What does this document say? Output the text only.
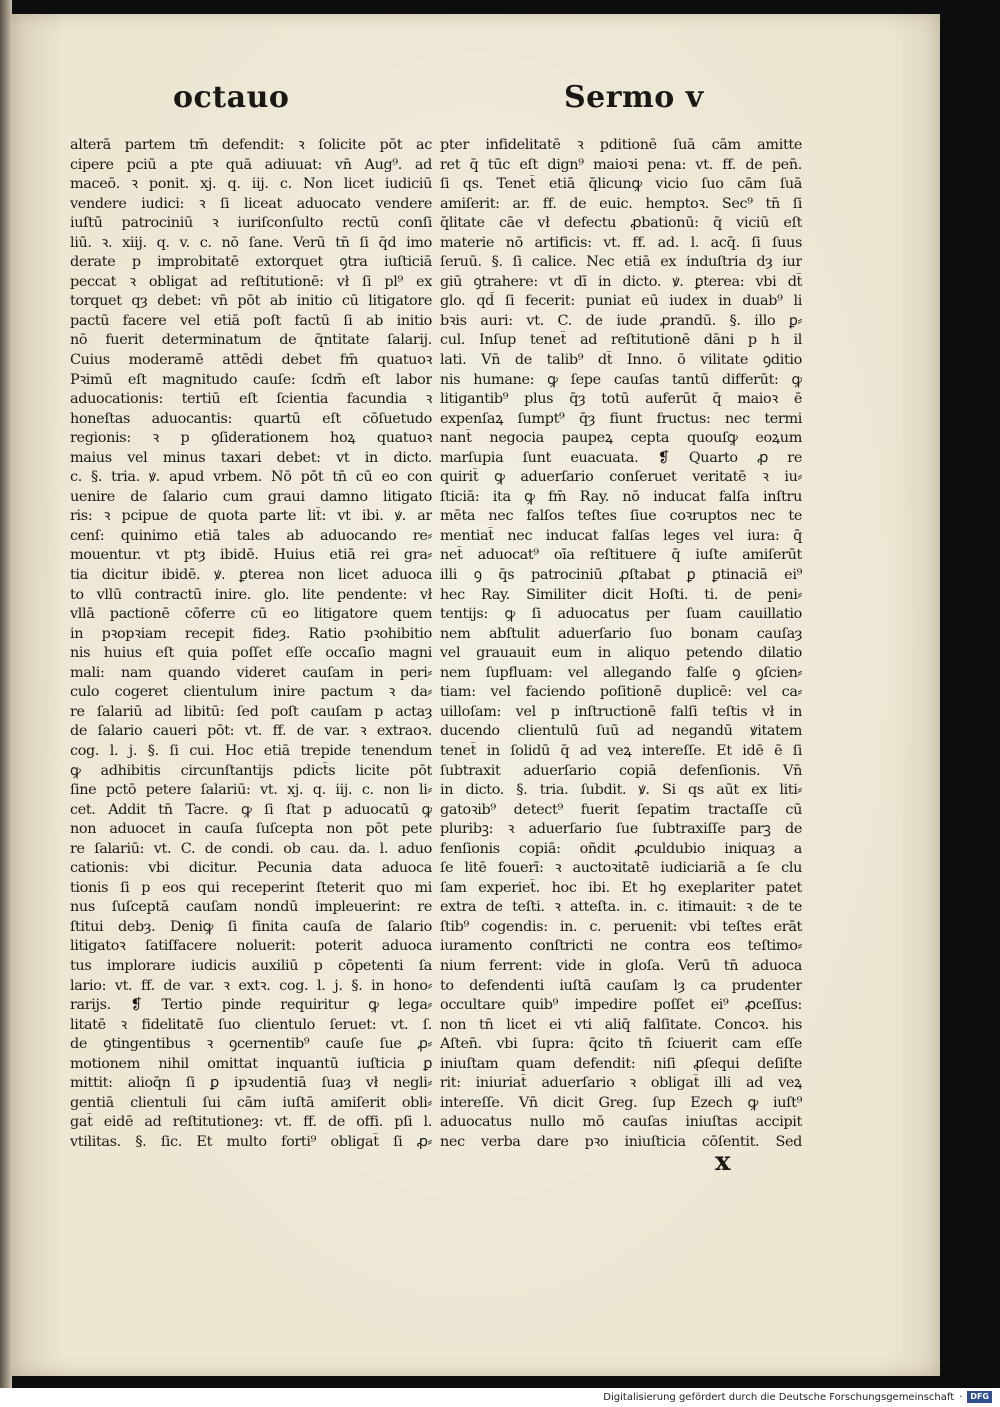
octauo	Sermo v
alterā partem tm̄ defendit: ꝛ ſolicite pōt ac
cipere pciū a pte quā adiuuat: vn̄ Aug⁹. ad
maceō. ꝛ ponit. xj. q. iij. c. Non licet iudiciū
vendere iudici: ꝛ ſi liceat aduocato vendere
iuſtū patrociniū ꝛ iuriſconſulto rectū conſi
liū. ꝛ. xiij. q. v. c. nō ſane. Verū tn̄ ſi q̄d imo
derate p improbitatē extorquet ꝯtra iuſticiā
peccat ꝛ obligat ad reſtitutionē: vł ſi pl⁹ ex
torquet qȝ debet: vn̄ pōt ab initio cū litigatore
pactū facere vel etiā poſt factū ſi ab initio
nō fuerit determinatum de q̄ntitate ſalarij.
Cuius moderamē attēdi debet fm̄ quatuoꝛ
Pꝛimū eſt magnitudo cauſe: ſcdm̄ eſt labor
aduocationis: tertiū eſt ſcientia facundia ꝛ
honeſtas aduocantis: quartū eſt cōſuetudo
regionis: ꝛ p ꝯſiderationem hoꝝ quatuoꝛ
maius vel minus taxari debet: vt in dicto.
c. §. tria. ꝟ. apud vrbem. Nō pōt tn̄ cū eo con
uenire de ſalario cum graui damno litigato
ris: ꝛ pcipue de quota parte lit̄: vt ibi. ꝟ. ar
cenſ: quinimo etiā tales ab aduocando re⸗
mouentur. vt ptȝ ibidē. Huius etiā rei gra⸗
tia dicitur ibidē. ꝟ. ꝑterea non licet aduoca
to vllū contractū inire. glo. lite pendente: vł
vllā pactionē cōferre cū eo litigatore quem
in pꝛopꝛiam recepit fideȝ. Ratio pꝛohibitio
nis huius eſt quia poſſet eſſe occaſio magni
mali: nam quando videret cauſam in peri⸗
culo cogeret clientulum inire pactum ꝛ da⸗
re ſalariū ad libitū: ſed poſt cauſam p actaȝ
de ſalario caueri pōt: vt. ff. de var. ꝛ extraoꝛ.
cog. l. j. §. ſi cui. Hoc etiā trepide tenendum
ꝙ adhibitis circunſtantijs pdict̄s licite pōt
ſine pctō petere ſalariū: vt. xj. q. iij. c. non li⸗
cet. Addit tn̄ Tacre. ꝙ ſi ſtat p aduocatū ꝙ
non aduocet in cauſa ſuſcepta non pōt pete
re ſalariū: vt. C. de condi. ob cau. da. l. aduo
cationis: vbi dicitur. Pecunia data aduoca
tionis ſi p eos qui receperint ſteterit quo mi
nus ſuſceptā cauſam nondū impleuerint: re
ſtitui debȝ. Deniꝙ ſi finita cauſa de ſalario
litigatoꝛ ſatiſfacere noluerit: poterit aduoca
tus implorare iudicis auxiliū p cōpetenti ſa
lario: vt. ff. de var. ꝛ extꝛ. cog. l. j. §. in hono⸗
rarijs. ❡ Tertio pinde requiritur ꝙ lega⸗
litatē ꝛ fidelitatē ſuo clientulo ſeruet: vt. ſ.
de ꝯtingentibus ꝛ ꝯcernentib⁹ cauſe ſue ꝓ⸗
motionem nihil omittat inquantū iuſticia ꝑ
mittit: alioq̄n ſi ꝑ ipꝛudentiā ſuaȝ vł negli⸗
gentiā clientuli ſui cām iuſtā amiſerit obli⸗
gat̄ eidē ad reſtitutioneȝ: vt. ff. de offi. pſi l.
vtilitas. §. ſic. Et multo forti⁹ obligat̄ ſi ꝓ⸗
pter infidelitatē ꝛ pditionē ſuā cām amitte
ret q̄ tūc eſt dign⁹ maioꝛi pena: vt. ff. de pen̄.
ſi qs. Tenet̄ etiā q̄licunꝙ vicio ſuo cām ſuā
amiſerit: ar. ff. de euic. hemptoꝛ. Sec⁹ tn̄ ſi
q̄litate cāe vł defectu ꝓbationū: q̄ viciū eſt
materie nō artificis: vt. ff. ad. l. acq̄. ſi ſuus
ſeruū. §. ſi calice. Nec etiā ex induſtria dȝ iur
giū ꝯtrahere: vt dī in dicto. ꝟ. ꝑterea: vbi dt̄
glo. qd̄ ſi fecerit: puniat eū iudex in duab⁹ li
bꝛis auri: vt. C. de iude ꝓrandū. §. illo ꝑ⸗
cul. Inſup tenet̄ ad reſtitutionē dāni p h il
lati. Vn̄ de talib⁹ dt̄ Inno. ō vilitate ꝯditio
nis humane: ꝙ ſepe cauſas tantū differūt: ꝙ
litigantib⁹ plus q̄ȝ totū auferūt q̄ maioꝛ ē
expenſaꝝ ſumpt⁹ q̄ȝ fiunt fructus: nec termi
nant̄ negocia paupeꝝ cepta quouſꝙ eoꝝum
marſupia ſunt euacuata. ❡ Quarto ꝓ re
quirit̄ ꝙ aduerſario conſeruet veritatē ꝛ iu⸗
ſticiā: ita ꝙ fm̄ Ray. nō inducat falſa inſtru
mēta nec falſos teſtes ſiue coꝛruptos nec te
mentiat̄ nec inducat falſas leges vel iura: q̄
net̄ aduocat⁹ oīa reſtituere q̄ iuſte amiſerūt
illi ꝯ q̄s patrociniū ꝓſtabat ꝑ ꝑtinaciā ei⁹
hec Ray. Similiter dicit Hoſti. ti. de peni⸗
tentijs: ꝙ ſi aduocatus per ſuam cauillatio
nem abſtulit aduerſario ſuo bonam cauſaȝ
vel grauauit eum in aliquo petendo dilatio
nem ſupfluam: vel allegando falſe ꝯ ꝯſcien⸗
tiam: vel faciendo poſitionē duplicē: vel ca⸗
uilloſam: vel p inſtructionē falſi teſtis vł in
ducendo clientulū ſuū ad negandū ꝟitatem
tenet̄ in ſolidū q̄ ad veꝝ intereſſe. Et idē ē ſi
ſubtraxit aduerſario copiā defenſionis. Vn̄
in dicto. §. tria. ſubdit. ꝟ. Si qs aūt ex liti⸗
gatoꝛib⁹ detect⁹ fuerit ſepatim tractaſſe cū
pluribꝫ: ꝛ aduerſario ſue ſubtraxiſſe parꝫ de
fenſionis copiā: oñdit ꝓculdubio iniquaȝ a
ſe litē fouerī: ꝛ auctoꝛitatē iudiciariā a ſe clu
ſam experiet̄. hoc ibi. Et hꝯ exeplariter patet
extra de teſti. ꝛ atteſta. in. c. itimauit: ꝛ de te
ſtib⁹ cogendis: in. c. peruenit: vbi teſtes erāt
iuramento conſtricti ne contra eos teſtimo⸗
nium ferrent: vide in gloſa. Verū tn̄ aduoca
to defendenti iuſtā cauſam lȝ ca prudenter
occultare quib⁹ impedire poſſet ei⁹ ꝓceſſus:
non tn̄ licet ei vti aliq̄ falſitate. Concoꝛ. his
Aſten̄. vbi ſupra: q̄cito tn̄ ſciuerit cam eſſe
iniuſtam quam defendit: niſi ꝓſequi deſiſte
rit: iniuriat̄ aduerſario ꝛ obligat̄ illi ad veꝝ
intereſſe. Vn̄ dicit Greg. ſup Ezech ꝙ iuſt⁹
aduocatus nullo mō cauſas iniuſtas accipit
nec verba dare pꝛo iniuſticia cōſentit. Sed
x
Digitalisierung gefördert durch die Deutsche Forschungsgemeinschaft ·	DFG
